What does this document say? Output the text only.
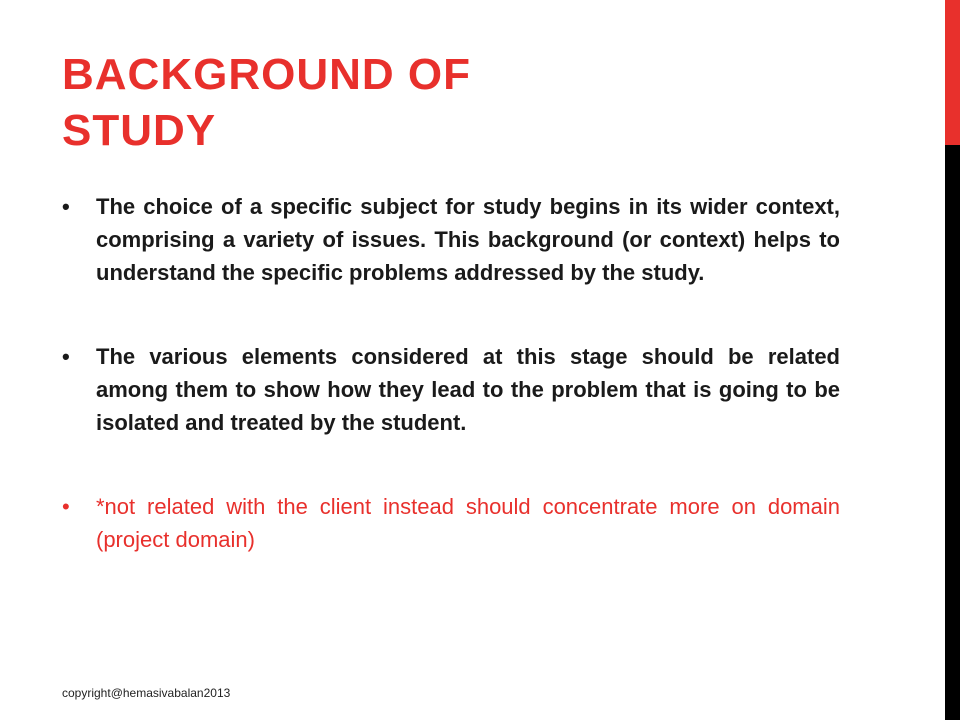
BACKGROUND OF
STUDY
•	The choice of a specific subject for study begins in its wider context, comprising a variety of issues. This background (or context) helps to understand the specific problems addressed by the study.
•	The various elements considered at this stage should be related among them to show how they lead to the problem that is going to be isolated and treated by the student.
•	*not related with the client instead should concentrate more on domain (project domain)
copyright@hemasivabalan2013
